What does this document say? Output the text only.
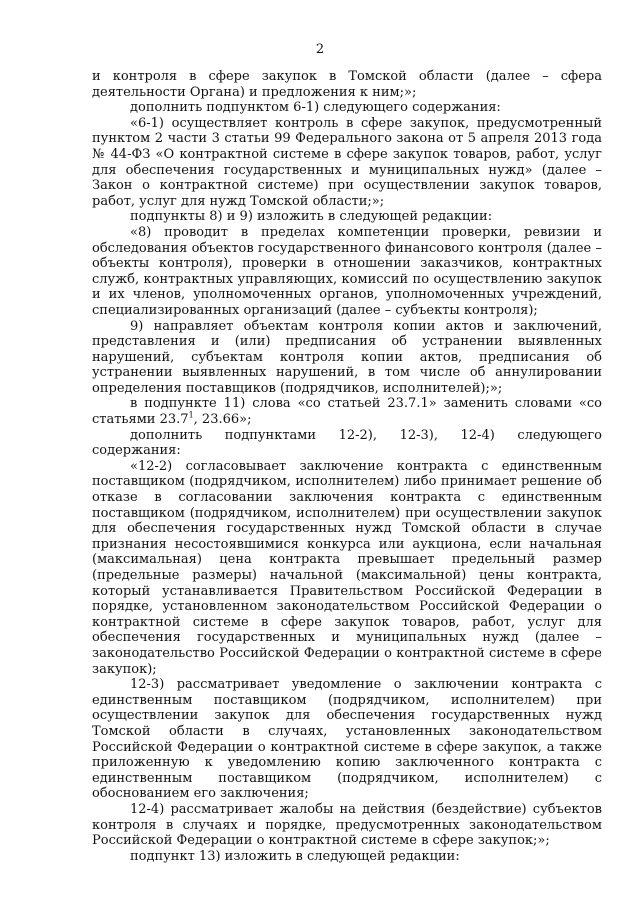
2

и контроля в сфере закупок в Томской области (далее – сфера деятельности Органа) и предложения к ним;»;

дополнить подпунктом 6-1) следующего содержания:

«6-1) осуществляет контроль в сфере закупок, предусмотренный пунктом 2 части 3 статьи 99 Федерального закона от 5 апреля 2013 года № 44-ФЗ «О контрактной системе в сфере закупок товаров, работ, услуг для обеспечения государственных и муниципальных нужд» (далее – Закон о контрактной системе) при осуществлении закупок товаров, работ, услуг для нужд Томской области;»;

подпункты 8) и 9) изложить в следующей редакции:

«8) проводит в пределах компетенции проверки, ревизии и обследования объектов государственного финансового контроля (далее – объекты контроля), проверки в отношении заказчиков, контрактных служб, контрактных управляющих, комиссий по осуществлению закупок и их членов, уполномоченных органов, уполномоченных учреждений, специализированных организаций (далее – субъекты контроля);

9) направляет объектам контроля копии актов и заключений, представления и (или) предписания об устранении выявленных нарушений, субъектам контроля копии актов, предписания об устранении выявленных нарушений, в том числе об аннулировании определения поставщиков (подрядчиков, исполнителей);»;

в подпункте 11) слова «со статьей 23.7.1» заменить словами «со статьями 23.7$^1$, 23.66»;

дополнить подпунктами 12-2), 12-3), 12-4) следующего содержания:

«12-2) согласовывает заключение контракта с единственным поставщиком (подрядчиком, исполнителем) либо принимает решение об отказе в согласовании заключения контракта с единственным поставщиком (подрядчиком, исполнителем) при осуществлении закупок для обеспечения государственных нужд Томской области в случае признания несостоявшимися конкурса или аукциона, если начальная (максимальная) цена контракта превышает предельный размер (предельные размеры) начальной (максимальной) цены контракта, который устанавливается Правительством Российской Федерации в порядке, установленном законодательством Российской Федерации о контрактной системе в сфере закупок товаров, работ, услуг для обеспечения государственных и муниципальных нужд (далее – законодательство Российской Федерации о контрактной системе в сфере закупок);

12-3) рассматривает уведомление о заключении контракта с единственным поставщиком (подрядчиком, исполнителем) при осуществлении закупок для обеспечения государственных нужд Томской области в случаях, установленных законодательством Российской Федерации о контрактной системе в сфере закупок, а также приложенную к уведомлению копию заключенного контракта с единственным поставщиком (подрядчиком, исполнителем) с обоснованием его заключения;

12-4) рассматривает жалобы на действия (бездействие) субъектов контроля в случаях и порядке, предусмотренных законодательством Российской Федерации о контрактной системе в сфере закупок;»;

подпункт 13) изложить в следующей редакции:
